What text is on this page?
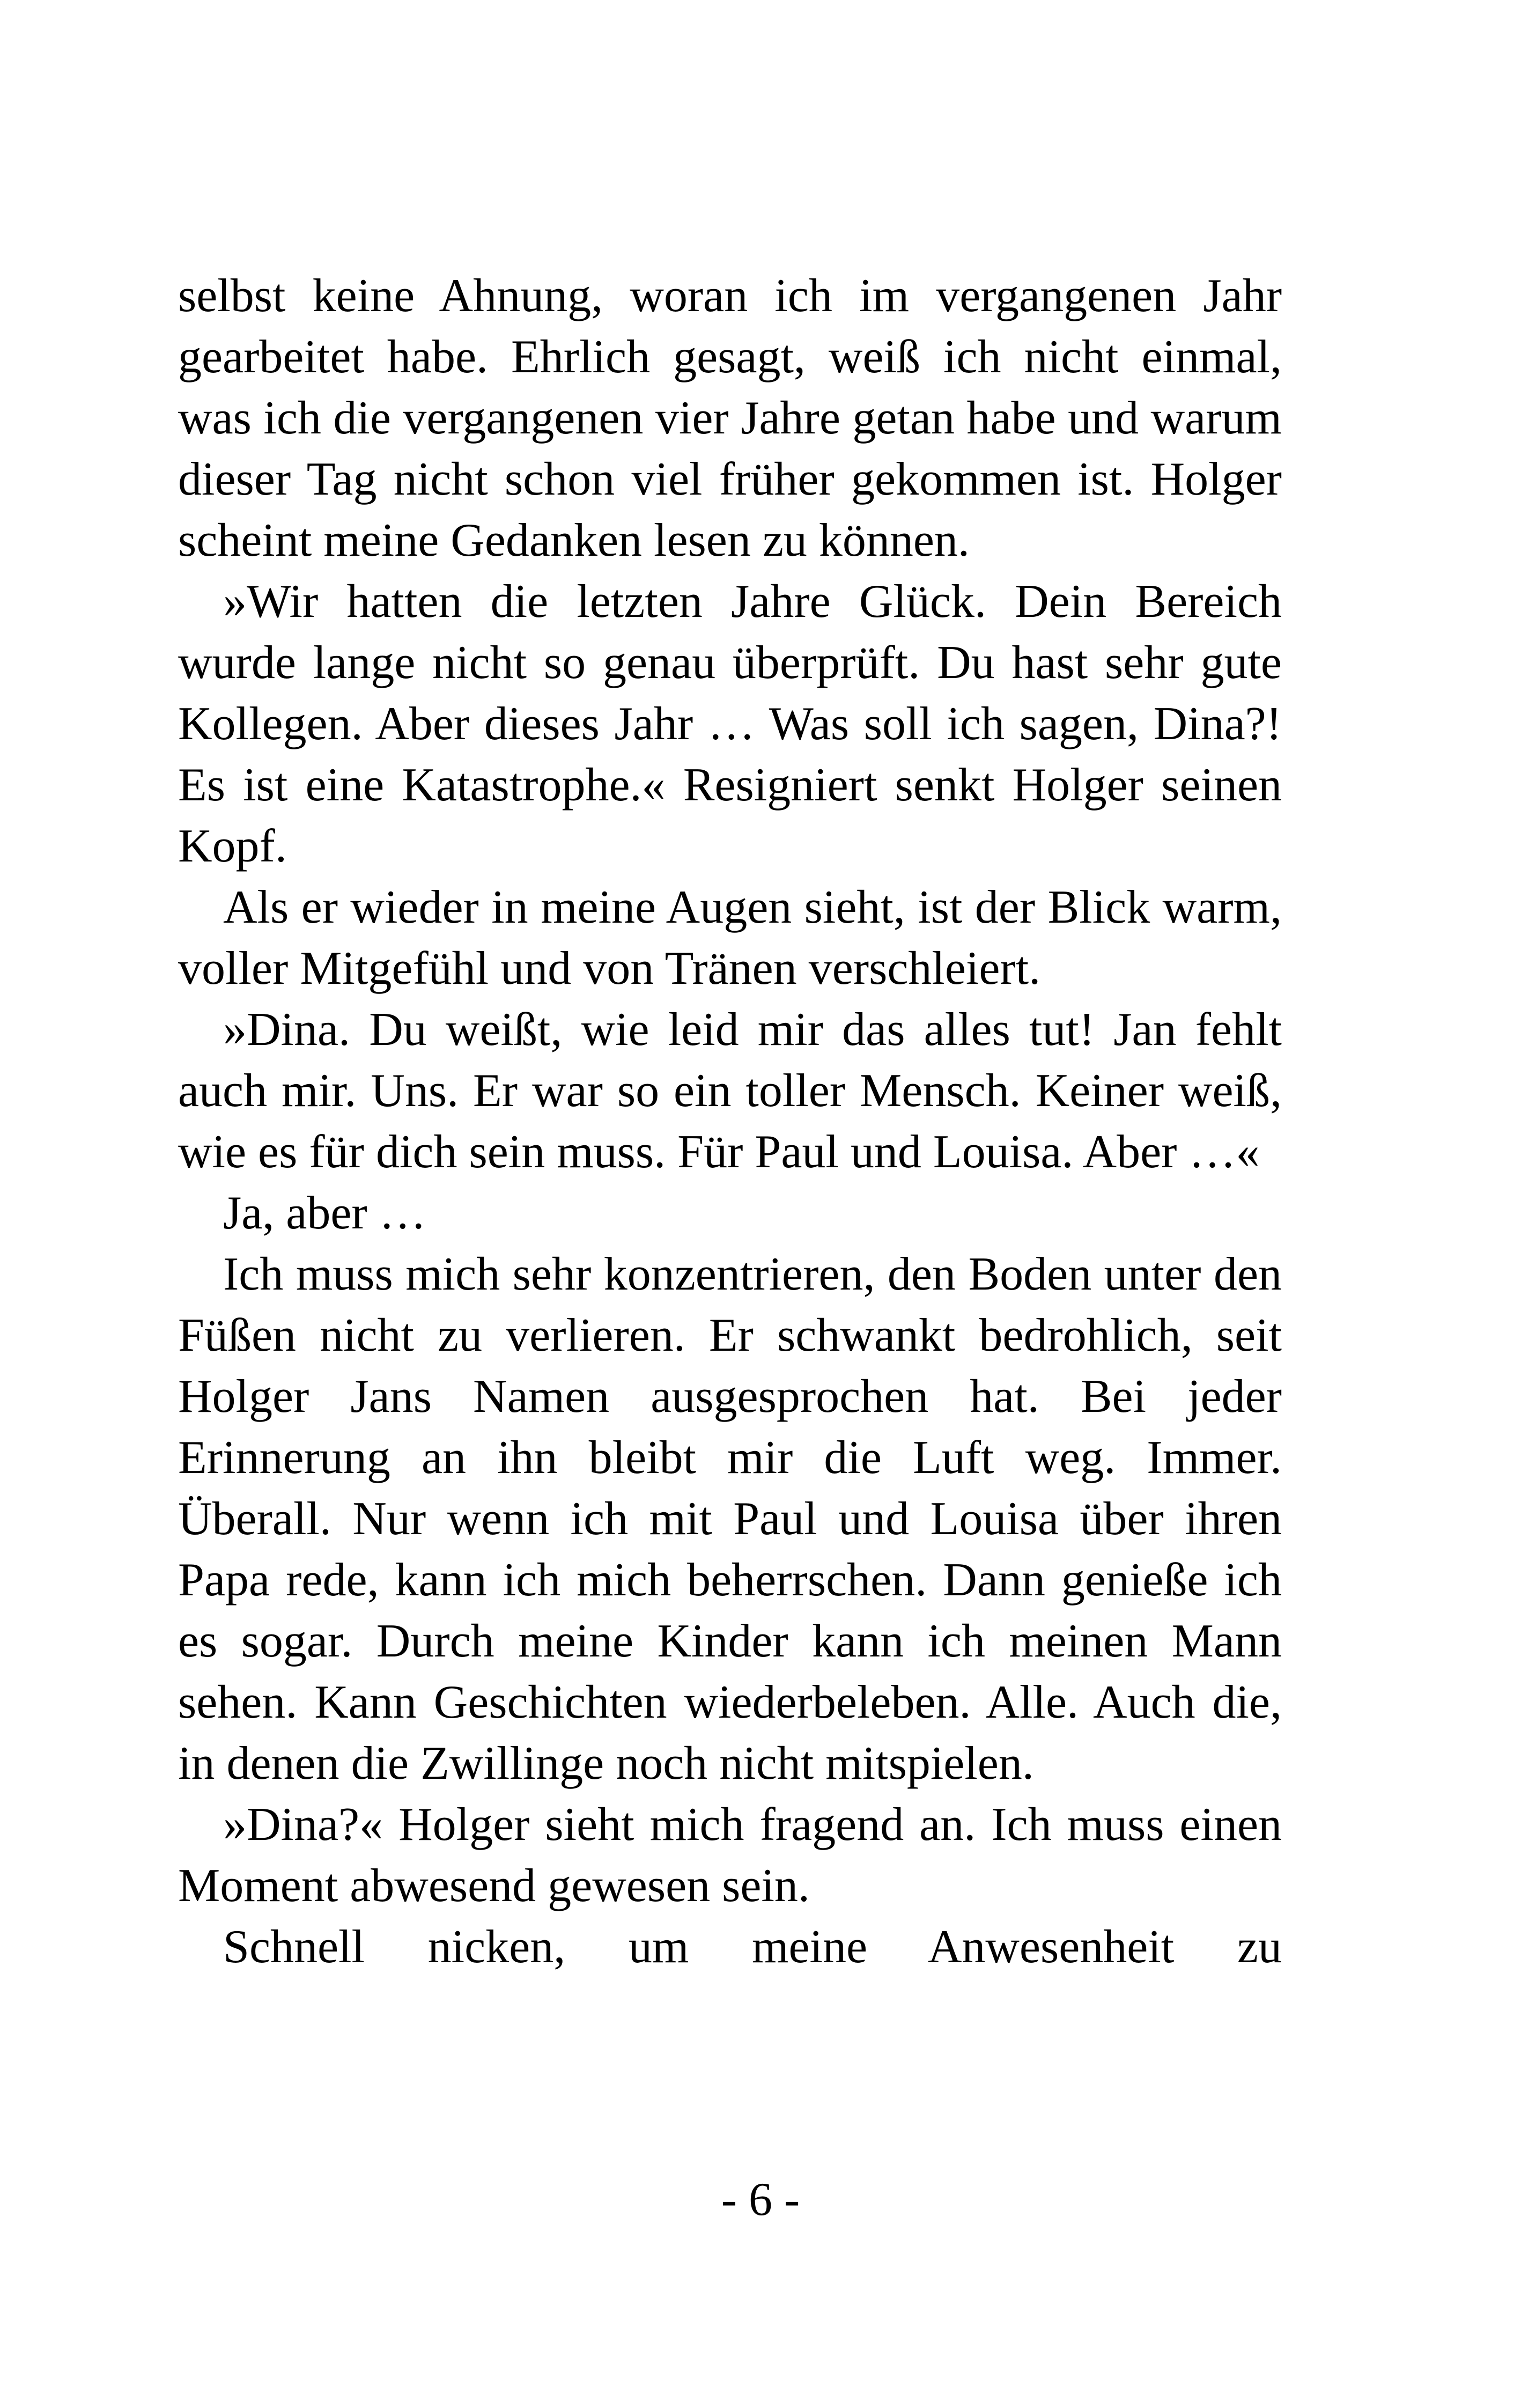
selbst keine Ahnung, woran ich im vergangenen Jahr gearbeitet habe. Ehrlich gesagt, weiß ich nicht einmal, was ich die vergangenen vier Jahre getan habe und warum dieser Tag nicht schon viel früher gekommen ist. Holger scheint meine Gedanken lesen zu können.

»Wir hatten die letzten Jahre Glück. Dein Bereich wurde lange nicht so genau überprüft. Du hast sehr gute Kollegen. Aber dieses Jahr … Was soll ich sagen, Dina?! Es ist eine Katastrophe.« Resigniert senkt Holger seinen Kopf.

Als er wieder in meine Augen sieht, ist der Blick warm, voller Mitgefühl und von Tränen verschleiert.

»Dina. Du weißt, wie leid mir das alles tut! Jan fehlt auch mir. Uns. Er war so ein toller Mensch. Keiner weiß, wie es für dich sein muss. Für Paul und Louisa. Aber …«

Ja, aber …

Ich muss mich sehr konzentrieren, den Boden unter den Füßen nicht zu verlieren. Er schwankt bedrohlich, seit Holger Jans Namen ausgesprochen hat. Bei jeder Erinnerung an ihn bleibt mir die Luft weg. Immer. Überall. Nur wenn ich mit Paul und Louisa über ihren Papa rede, kann ich mich beherrschen. Dann genieße ich es sogar. Durch meine Kinder kann ich meinen Mann sehen. Kann Geschichten wiederbeleben. Alle. Auch die, in denen die Zwillinge noch nicht mitspielen.

»Dina?« Holger sieht mich fragend an. Ich muss einen Moment abwesend gewesen sein.

Schnell nicken, um meine Anwesenheit zu

- 6 -
